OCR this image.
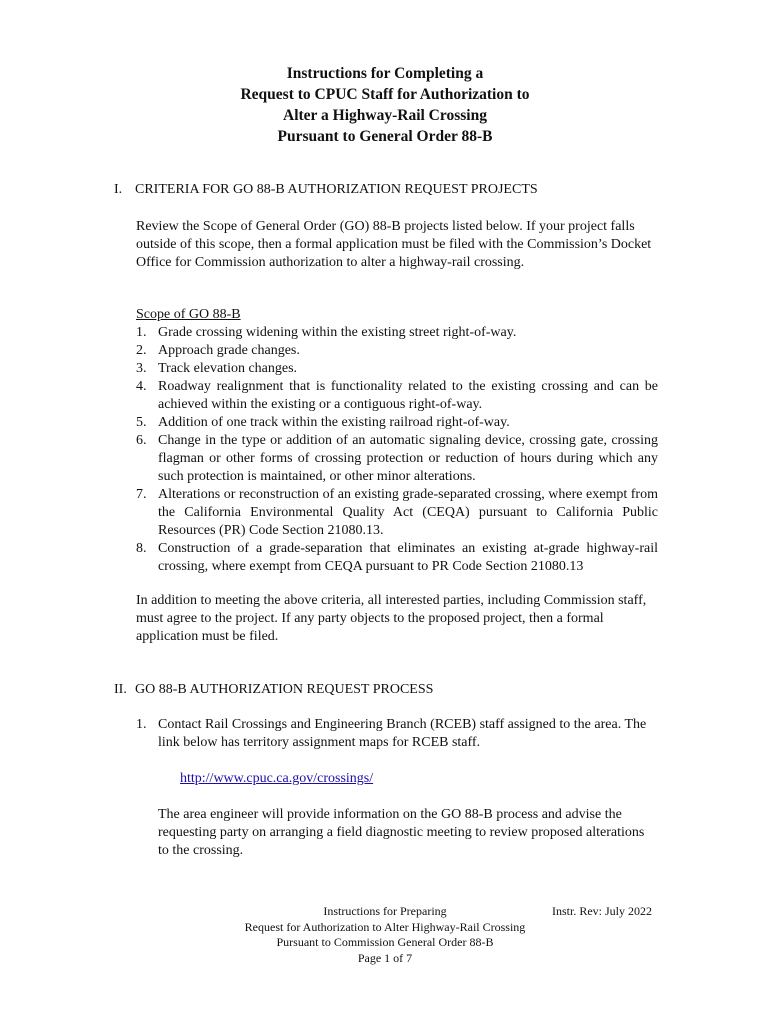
Instructions for Completing a
Request to CPUC Staff for Authorization to
Alter a Highway-Rail Crossing
Pursuant to General Order 88-B
I. CRITERIA FOR GO 88-B AUTHORIZATION REQUEST PROJECTS
Review the Scope of General Order (GO) 88-B projects listed below. If your project falls outside of this scope, then a formal application must be filed with the Commission’s Docket Office for Commission authorization to alter a highway-rail crossing.
Scope of GO 88-B
1. Grade crossing widening within the existing street right-of-way.
2. Approach grade changes.
3. Track elevation changes.
4. Roadway realignment that is functionality related to the existing crossing and can be achieved within the existing or a contiguous right-of-way.
5. Addition of one track within the existing railroad right-of-way.
6. Change in the type or addition of an automatic signaling device, crossing gate, crossing flagman or other forms of crossing protection or reduction of hours during which any such protection is maintained, or other minor alterations.
7. Alterations or reconstruction of an existing grade-separated crossing, where exempt from the California Environmental Quality Act (CEQA) pursuant to California Public Resources (PR) Code Section 21080.13.
8. Construction of a grade-separation that eliminates an existing at-grade highway-rail crossing, where exempt from CEQA pursuant to PR Code Section 21080.13
In addition to meeting the above criteria, all interested parties, including Commission staff, must agree to the project. If any party objects to the proposed project, then a formal application must be filed.
II. GO 88-B AUTHORIZATION REQUEST PROCESS
1. Contact Rail Crossings and Engineering Branch (RCEB) staff assigned to the area. The link below has territory assignment maps for RCEB staff.
http://www.cpuc.ca.gov/crossings/
The area engineer will provide information on the GO 88-B process and advise the requesting party on arranging a field diagnostic meeting to review proposed alterations to the crossing.
Instructions for Preparing
Request for Authorization to Alter Highway-Rail Crossing
Pursuant to Commission General Order 88-B
Page 1 of 7
Instr. Rev: July 2022
